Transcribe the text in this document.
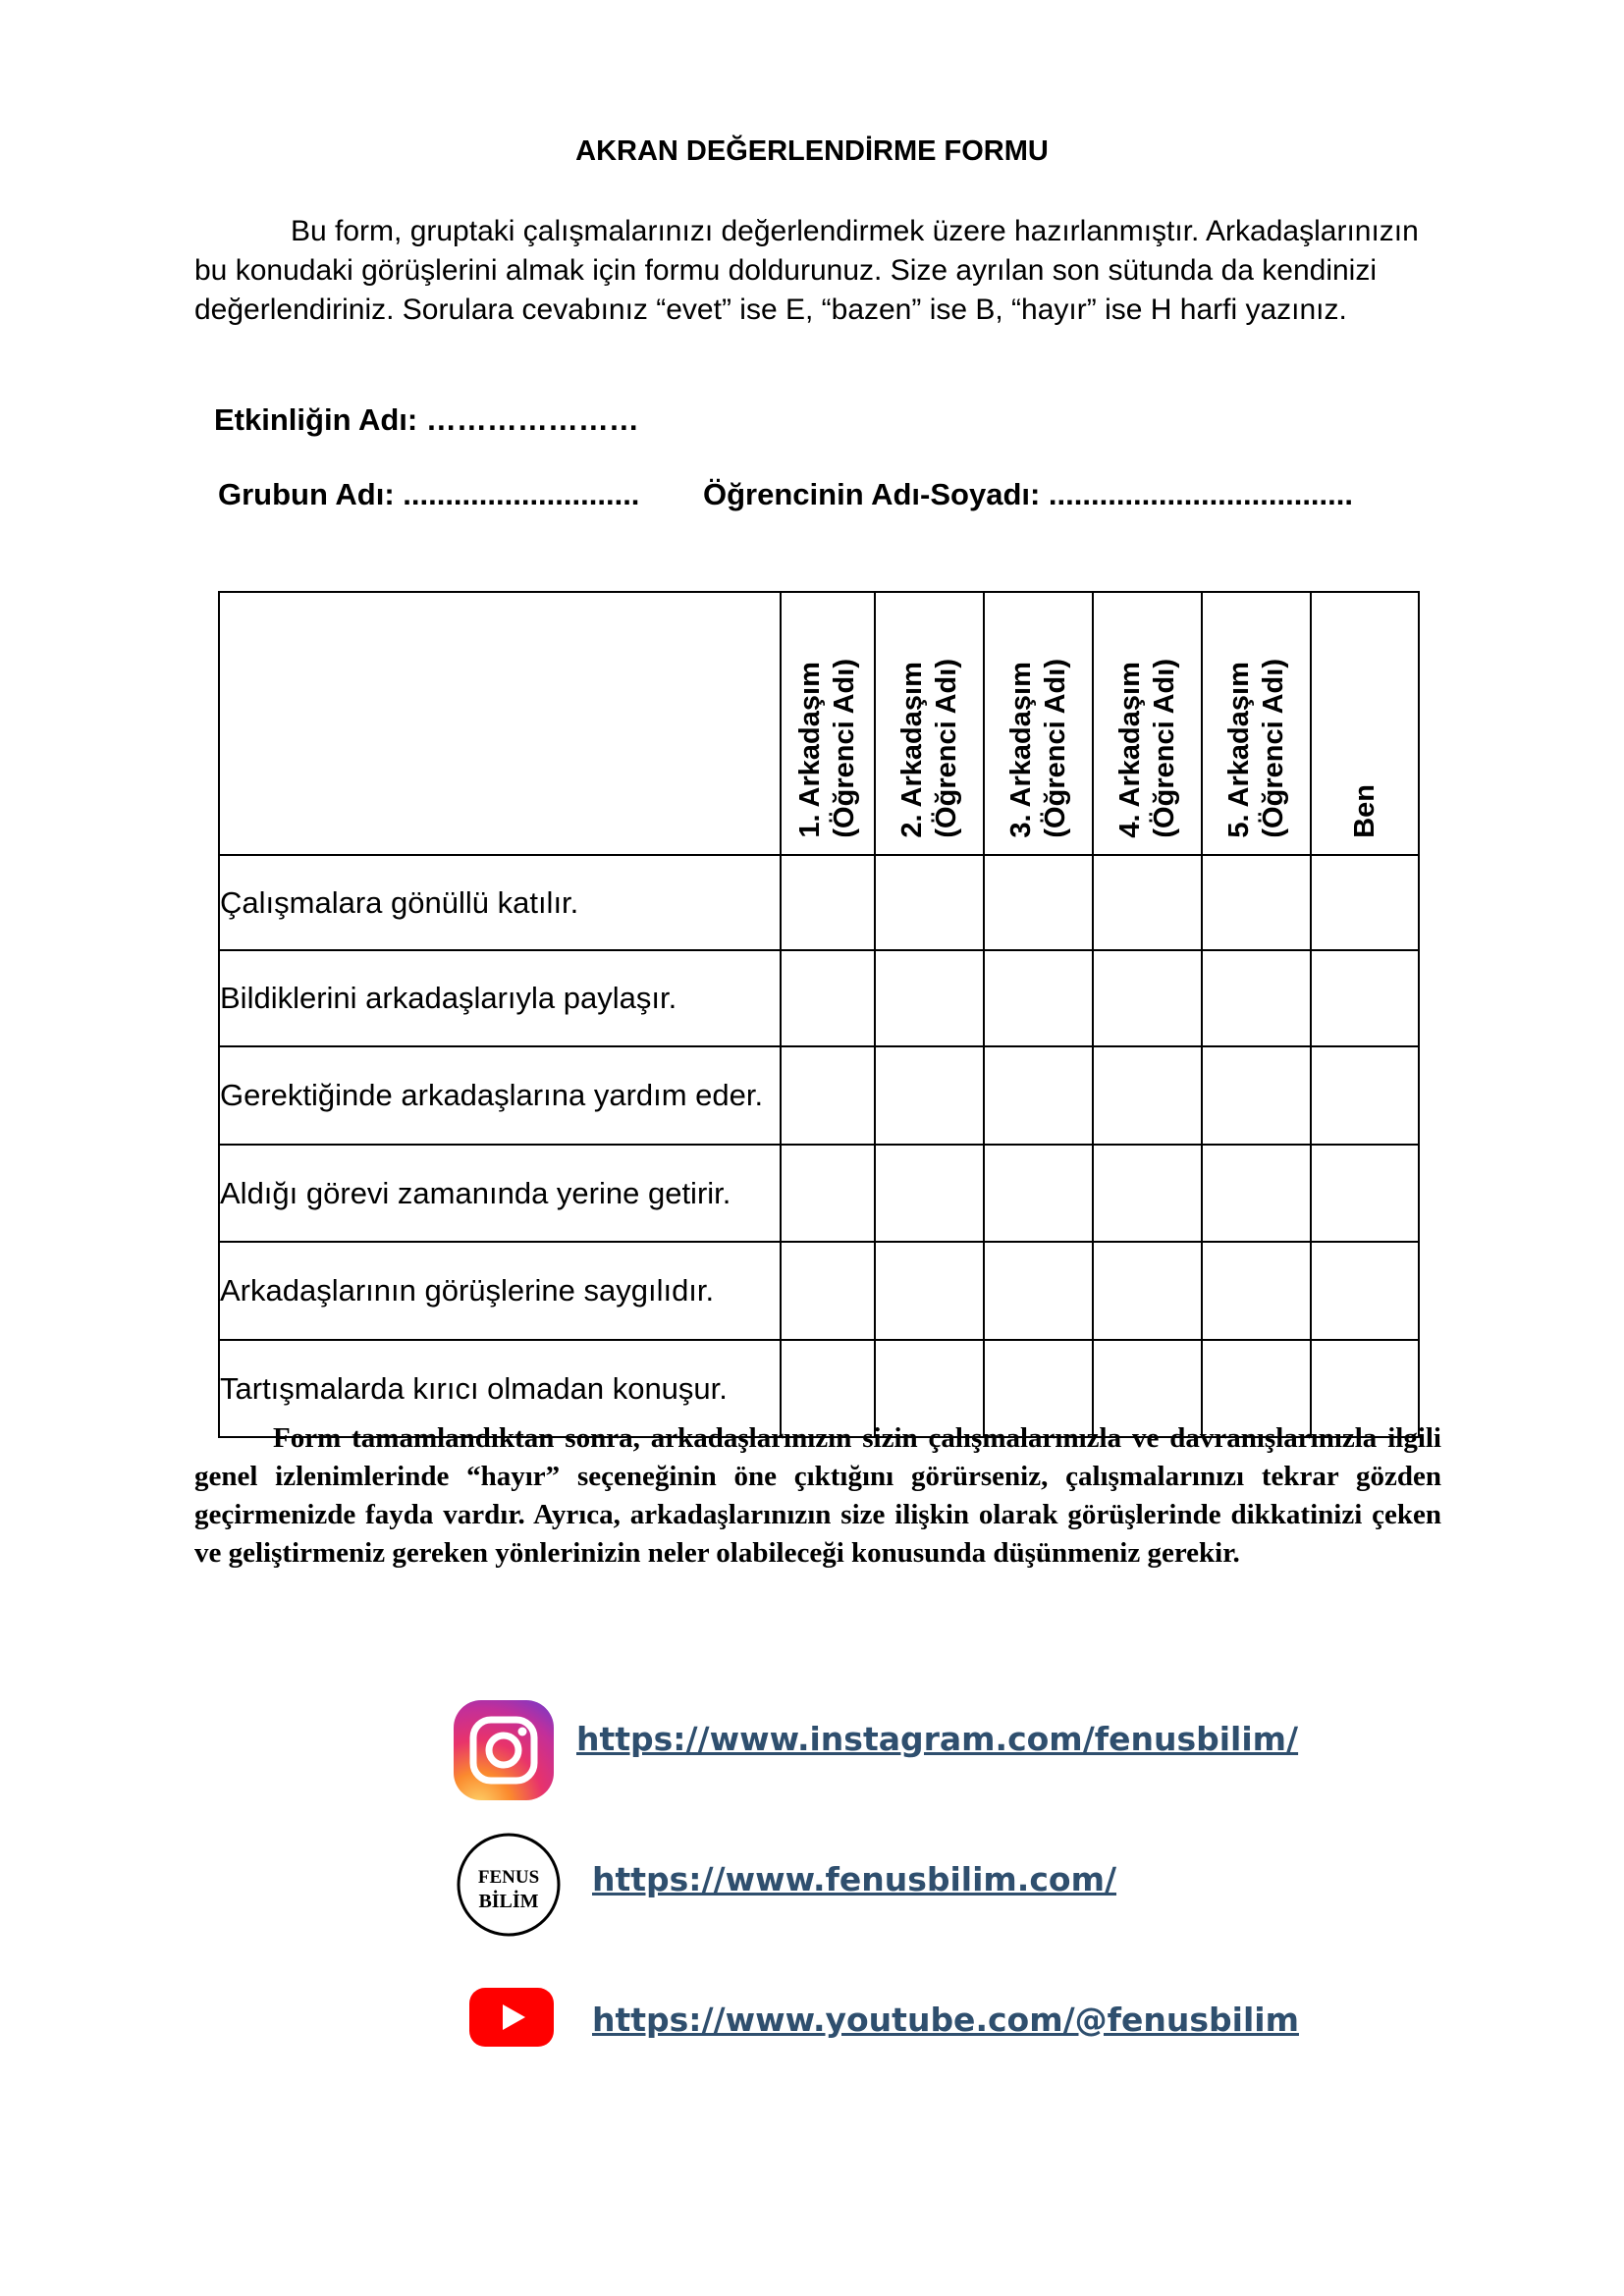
AKRAN DEĞERLENDİRME FORMU
Bu form, gruptaki çalışmalarınızı değerlendirmek üzere hazırlanmıştır. Arkadaşlarınızın bu konudaki görüşlerini almak için formu doldurunuz. Size ayrılan son sütunda da kendinizi değerlendiriniz. Sorulara cevabınız “evet” ise E, “bazen” ise B, “hayır” ise H harfi yazınız.
Etkinliğin Adı: …………………
Grubun Adı: ............................ Öğrencinin Adı-Soyadı: ....................................

	1. Arkadaşım (Öğrenci Adı)	2. Arkadaşım (Öğrenci Adı)	3. Arkadaşım (Öğrenci Adı)	4. Arkadaşım (Öğrenci Adı)	5. Arkadaşım (Öğrenci Adı)	Ben

Çalışmalara gönüllü katılır.						
Bildiklerini arkadaşlarıyla paylaşır.						
Gerektiğinde arkadaşlarına yardım eder.						
Aldığı görevi zamanında yerine getirir.						
Arkadaşlarının görüşlerine saygılıdır.						
Tartışmalarda kırıcı olmadan konuşur.						
Form tamamlandıktan sonra, arkadaşlarınızın sizin çalışmalarınızla ve davranışlarınızla ilgili genel izlenimlerinde “hayır” seçeneğinin öne çıktığını görürseniz, çalışmalarınızı tekrar gözden geçirmenizde fayda vardır. Ayrıca, arkadaşlarınızın size ilişkin olarak görüşlerinde dikkatinizi çeken ve geliştirmeniz gereken yönlerinizin neler olabileceği konusunda düşünmeniz gerekir.
https://www.instagram.com/fenusbilim/
FENUS
BİLİM
https://www.fenusbilim.com/
https://www.youtube.com/@fenusbilim
